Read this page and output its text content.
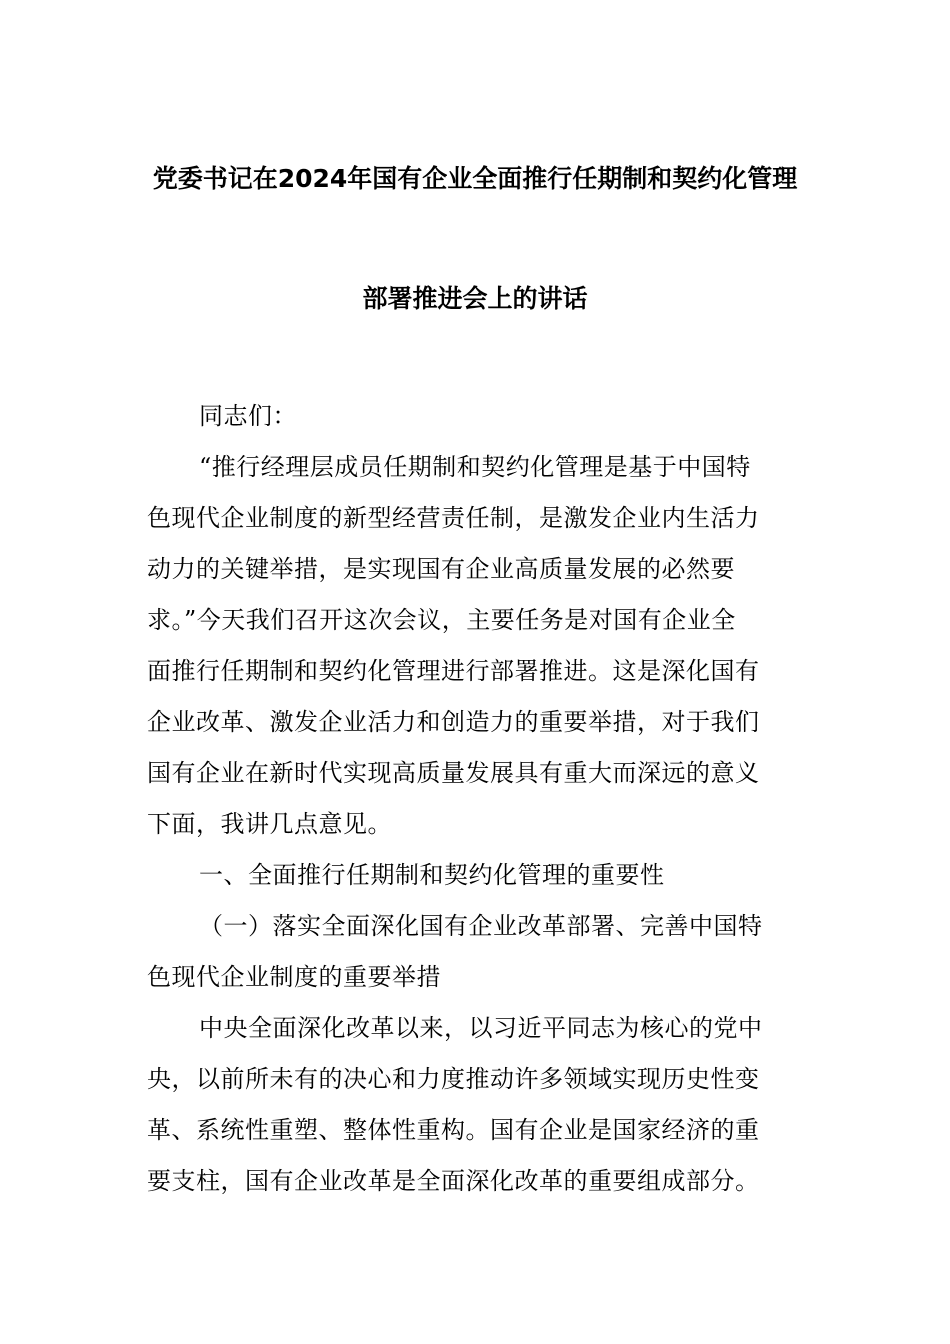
党委书记在2024年国有企业全面推行任期制和契约化管理
部署推进会上的讲话
同志们：
“推行经理层成员任期制和契约化管理是基于中国特
色现代企业制度的新型经营责任制，是激发企业内生活力
动力的关键举措，是实现国有企业高质量发展的必然要
求。”今天我们召开这次会议，主要任务是对国有企业全
面推行任期制和契约化管理进行部署推进。这是深化国有
企业改革、激发企业活力和创造力的重要举措，对于我们
国有企业在新时代实现高质量发展具有重大而深远的意义
下面，我讲几点意见。
一、全面推行任期制和契约化管理的重要性
（一）落实全面深化国有企业改革部署、完善中国特
色现代企业制度的重要举措
中央全面深化改革以来，以习近平同志为核心的党中
央，以前所未有的决心和力度推动许多领域实现历史性变
革、系统性重塑、整体性重构。国有企业是国家经济的重
要支柱，国有企业改革是全面深化改革的重要组成部分。
